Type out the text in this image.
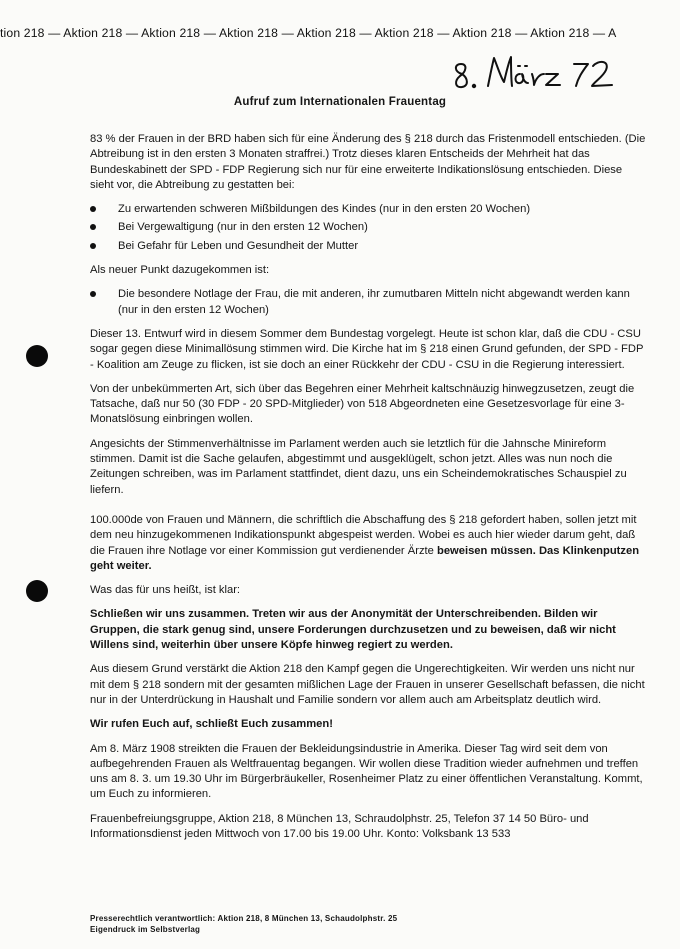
tion 218 — Aktion 218 — Aktion 218 — Aktion 218 — Aktion 218 — Aktion 218 — Aktion 218 — Aktion 218 — A
Aufruf zum Internationalen Frauentag

83 % der Frauen in der BRD haben sich für eine Änderung des § 218 durch das Fristenmodell entschieden. (Die Abtreibung ist in den ersten 3 Monaten straffrei.) Trotz dieses klaren Entscheids der Mehrheit hat das Bundeskabinett der SPD - FDP Regierung sich nur für eine erweiterte Indikationslösung entschieden. Diese sieht vor, die Abtreibung zu gestatten bei:

Zu erwartenden schweren Mißbildungen des Kindes (nur in den ersten 20 Wochen)
Bei Vergewaltigung (nur in den ersten 12 Wochen)
Bei Gefahr für Leben und Gesundheit der Mutter

Als neuer Punkt dazugekommen ist:

Die besondere Notlage der Frau, die mit anderen, ihr zumutbaren Mitteln nicht abgewandt werden kann (nur in den ersten 12 Wochen)

Dieser 13. Entwurf wird in diesem Sommer dem Bundestag vorgelegt. Heute ist schon klar, daß die CDU - CSU sogar gegen diese Minimallösung stimmen wird. Die Kirche hat im § 218 einen Grund gefunden, der SPD - FDP - Koalition am Zeuge zu flicken, ist sie doch an einer Rückkehr der CDU - CSU in die Regierung interessiert.

Von der unbekümmerten Art, sich über das Begehren einer Mehrheit kaltschnäuzig hinwegzusetzen, zeugt die Tatsache, daß nur 50 (30 FDP - 20 SPD-Mitglieder) von 518 Abgeordneten eine Gesetzesvorlage für eine 3-Monatslösung einbringen wollen.

Angesichts der Stimmenverhältnisse im Parlament werden auch sie letztlich für die Jahnsche Minireform stimmen. Damit ist die Sache gelaufen, abgestimmt und ausgeklügelt, schon jetzt. Alles was nun noch die Zeitungen schreiben, was im Parlament stattfindet, dient dazu, uns ein Scheindemokratisches Schauspiel zu liefern.

100.000de von Frauen und Männern, die schriftlich die Abschaffung des § 218 gefordert haben, sollen jetzt mit dem neu hinzugekommenen Indikationspunkt abgespeist werden. Wobei es auch hier wieder darum geht, daß die Frauen ihre Notlage vor einer Kommission gut verdienender Ärzte beweisen müssen. Das Klinkenputzen geht weiter.

Was das für uns heißt, ist klar:

Schließen wir uns zusammen. Treten wir aus der Anonymität der Unterschreibenden. Bilden wir Gruppen, die stark genug sind, unsere Forderungen durchzusetzen und zu beweisen, daß wir nicht Willens sind, weiterhin über unsere Köpfe hinweg regiert zu werden.

Aus diesem Grund verstärkt die Aktion 218 den Kampf gegen die Ungerechtigkeiten. Wir werden uns nicht nur mit dem § 218 sondern mit der gesamten mißlichen Lage der Frauen in unserer Gesellschaft befassen, die nicht nur in der Unterdrückung in Haushalt und Familie sondern vor allem auch am Arbeitsplatz deutlich wird.

Wir rufen Euch auf, schließt Euch zusammen!

Am 8. März 1908 streikten die Frauen der Bekleidungsindustrie in Amerika. Dieser Tag wird seit dem von aufbegehrenden Frauen als Weltfrauentag begangen. Wir wollen diese Tradition wieder aufnehmen und treffen uns am 8. 3. um 19.30 Uhr im Bürgerbräukeller, Rosenheimer Platz zu einer öffentlichen Veranstaltung. Kommt, um Euch zu informieren.

Frauenbefreiungsgruppe, Aktion 218, 8 München 13, Schraudolphstr. 25, Telefon 37 14 50 Büro- und Informationsdienst jeden Mittwoch von 17.00 bis 19.00 Uhr. Konto: Volksbank 13 533

Presserechtlich verantwortlich: Aktion 218, 8 München 13, Schaudolphstr. 25
Eigendruck im Selbstverlag
